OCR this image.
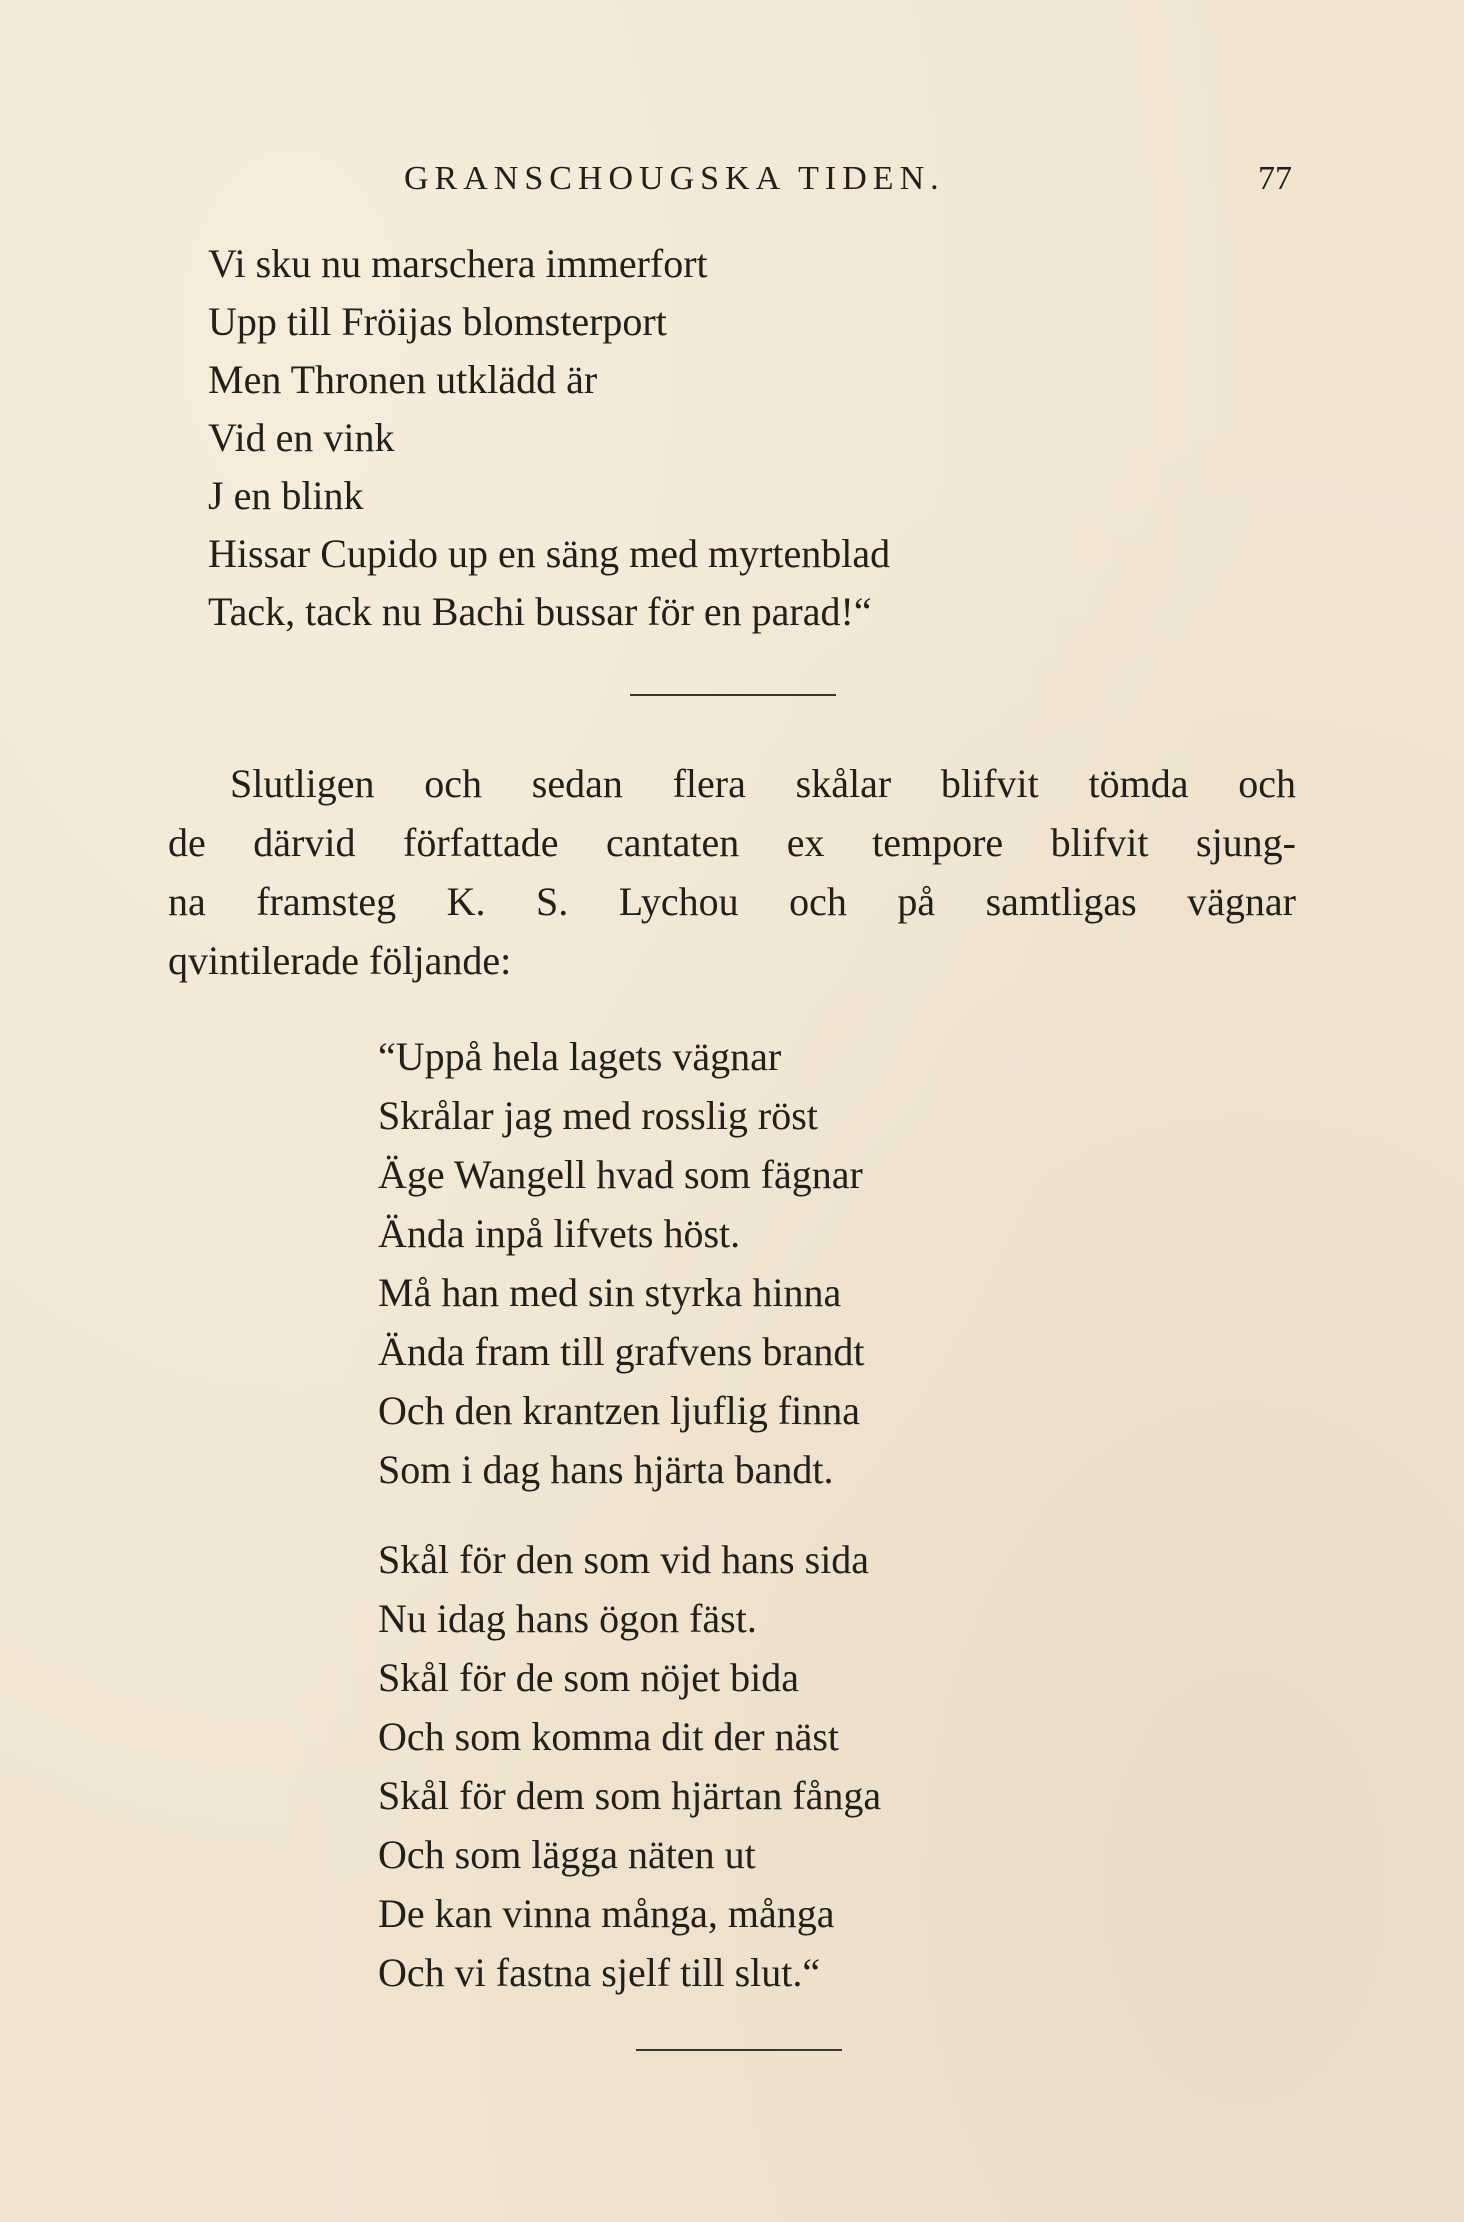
GRANSCHOUGSKA TIDEN.	77
Vi sku nu marschera immerfort
Upp till Fröijas blomsterport
Men Thronen utklädd är
Vid en vink
J en blink
Hissar Cupido up en säng med myrtenblad
Tack, tack nu Bachi bussar för en parad!“
Slutligen och sedan flera skålar blifvit tömda och
de därvid författade cantaten ex tempore blifvit sjung-
na framsteg K. S. Lychou och på samtligas vägnar
qvintilerade följande:
“Uppå hela lagets vägnar
Skrålar jag med rosslig röst
Äge Wangell hvad som fägnar
Ända inpå lifvets höst.
Må han med sin styrka hinna
Ända fram till grafvens brandt
Och den krantzen ljuflig finna
Som i dag hans hjärta bandt.
Skål för den som vid hans sida
Nu idag hans ögon fäst.
Skål för de som nöjet bida
Och som komma dit der näst
Skål för dem som hjärtan fånga
Och som lägga näten ut
De kan vinna många, många
Och vi fastna sjelf till slut.“
